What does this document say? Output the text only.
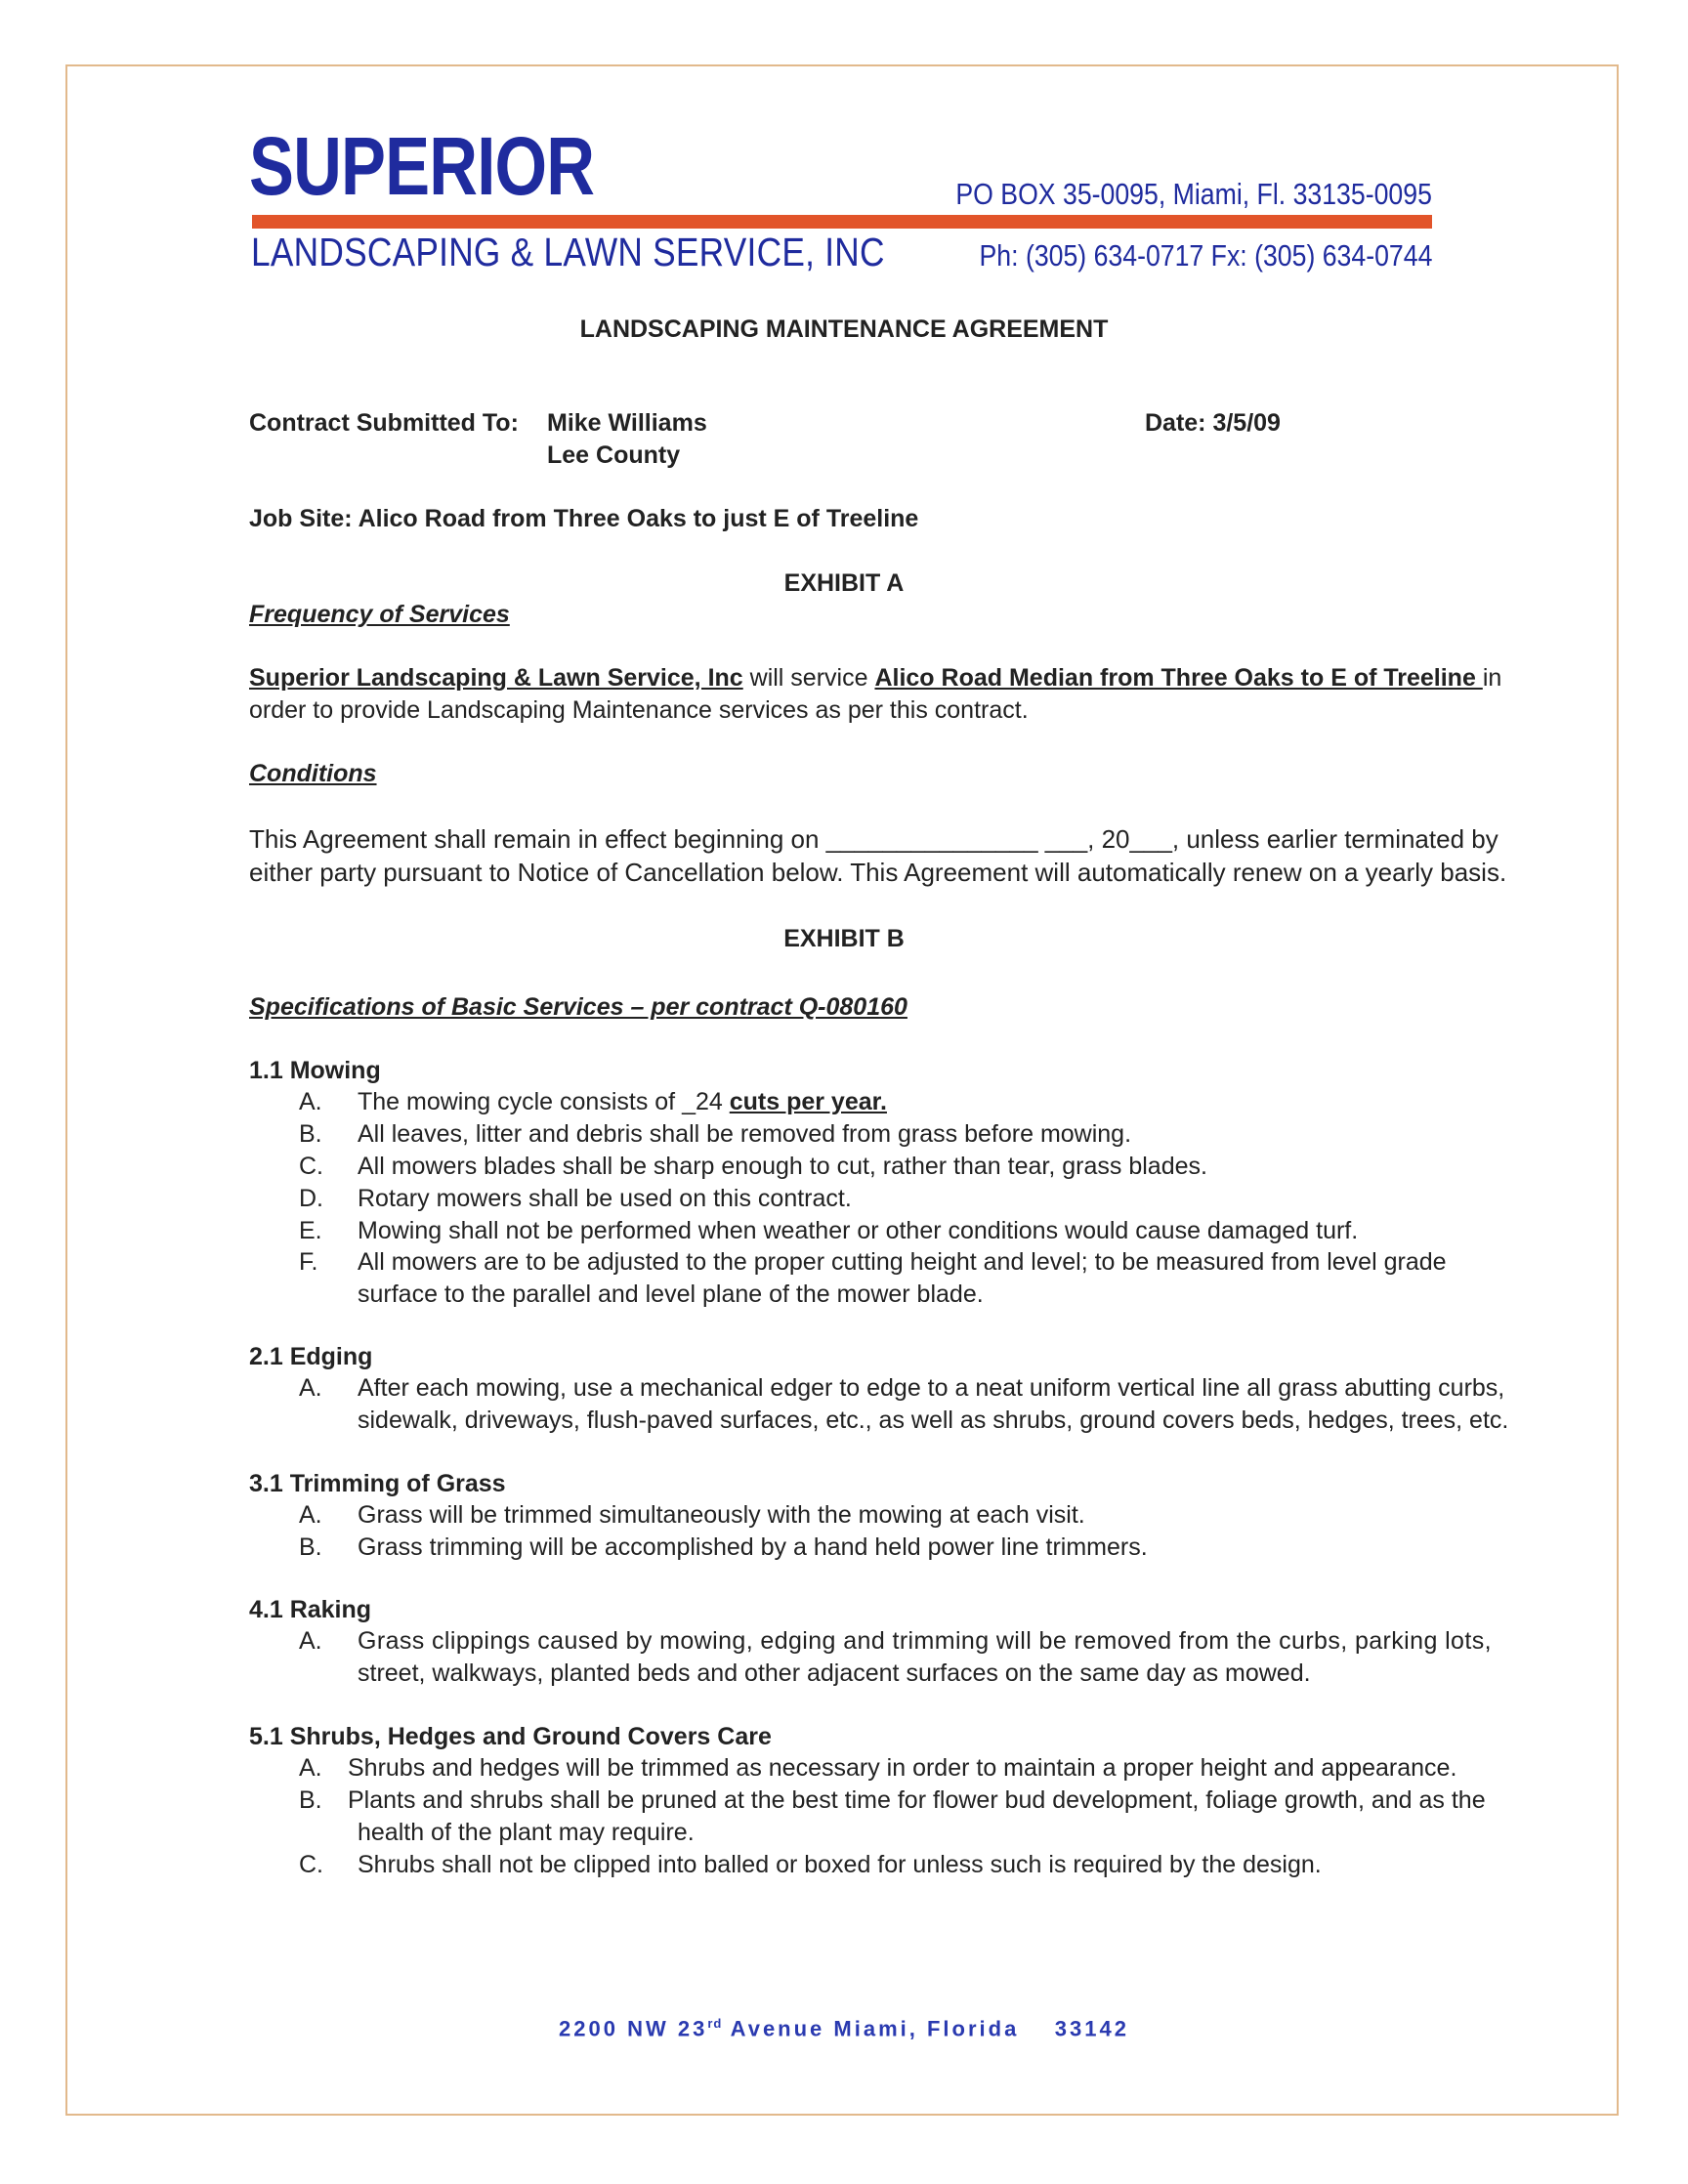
SUPERIOR	PO BOX 35-0095, Miami, Fl. 33135-0095
LANDSCAPING & LAWN SERVICE, INC	Ph: (305) 634-0717 Fx: (305) 634-0744
LANDSCAPING MAINTENANCE AGREEMENT
Contract Submitted To: Mike Williams
Lee County
Date: 3/5/09
Job Site: Alico Road from Three Oaks to just E of Treeline
EXHIBIT A
Frequency of Services
Superior Landscaping & Lawn Service, Inc will service Alico Road Median from Three Oaks to E of Treeline in
order to provide Landscaping Maintenance services as per this contract.
Conditions
This Agreement shall remain in effect beginning on _______________ ___, 20___, unless earlier terminated by
either party pursuant to Notice of Cancellation below. This Agreement will automatically renew on a yearly basis.
EXHIBIT B
Specifications of Basic Services – per contract Q-080160
1.1 Mowing
A. The mowing cycle consists of _24 cuts per year.
B. All leaves, litter and debris shall be removed from grass before mowing.
C. All mowers blades shall be sharp enough to cut, rather than tear, grass blades.
D. Rotary mowers shall be used on this contract.
E. Mowing shall not be performed when weather or other conditions would cause damaged turf.
F. All mowers are to be adjusted to the proper cutting height and level; to be measured from level grade
surface to the parallel and level plane of the mower blade.
2.1 Edging
A. After each mowing, use a mechanical edger to edge to a neat uniform vertical line all grass abutting curbs,
sidewalk, driveways, flush-paved surfaces, etc., as well as shrubs, ground covers beds, hedges, trees, etc.
3.1 Trimming of Grass
A. Grass will be trimmed simultaneously with the mowing at each visit.
B. Grass trimming will be accomplished by a hand held power line trimmers.
4.1 Raking
A. Grass clippings caused by mowing, edging and trimming will be removed from the curbs, parking lots,
street, walkways, planted beds and other adjacent surfaces on the same day as mowed.
5.1 Shrubs, Hedges and Ground Covers Care
A. Shrubs and hedges will be trimmed as necessary in order to maintain a proper height and appearance.
B. Plants and shrubs shall be pruned at the best time for flower bud development, foliage growth, and as the
health of the plant may require.
C. Shrubs shall not be clipped into balled or boxed for unless such is required by the design.
2200 NW 23rd Avenue Miami, Florida    33142
